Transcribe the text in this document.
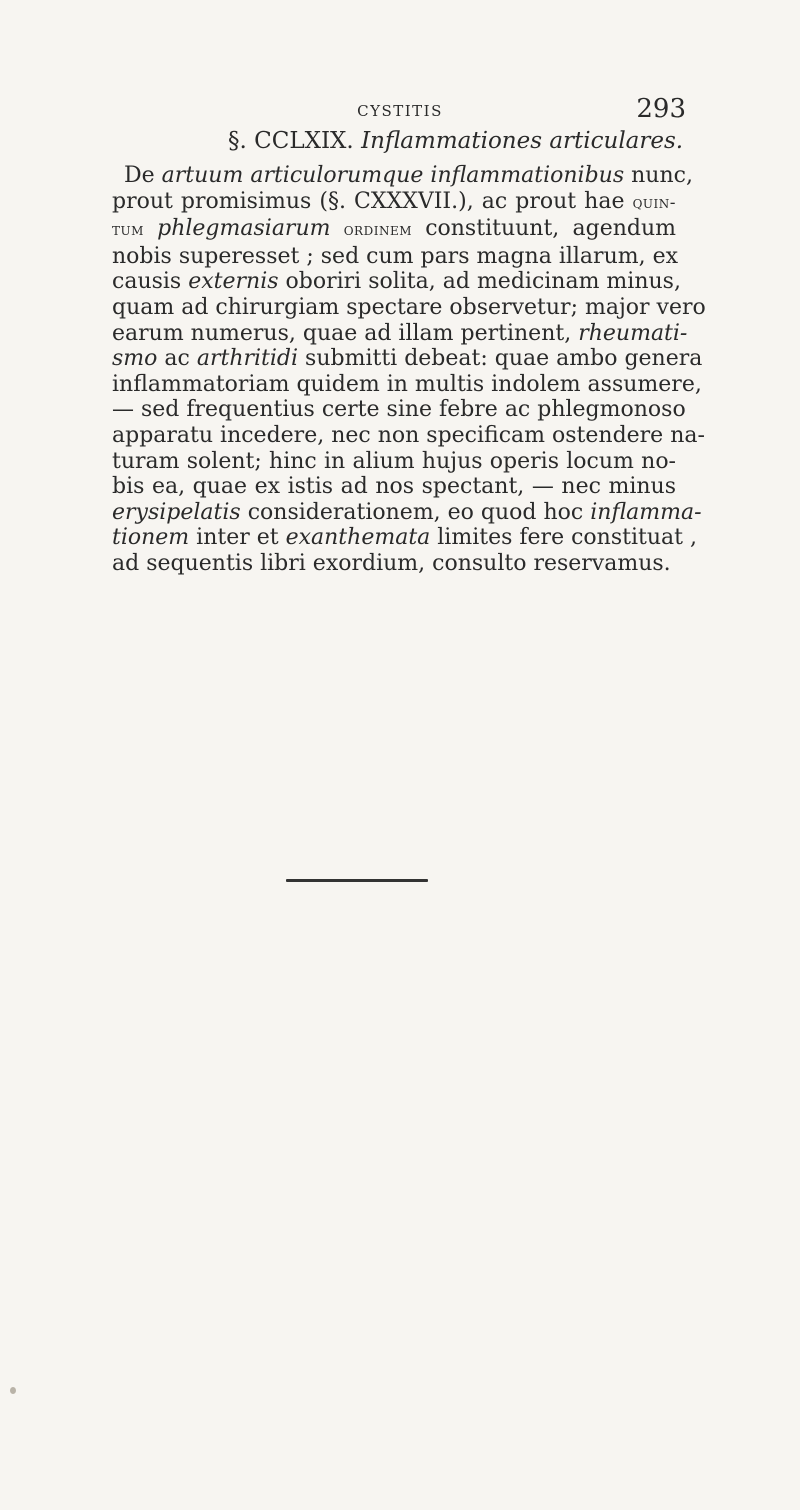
CYSTITIS	293
§. CCLXIX. Inflammationes articulares.
De artuum articulorumque inflammationibus nunc,
prout promisimus (§. CXXXVII.), ac prout hae quin-
tum phlegmasiarum ordinem constituunt, agendum
nobis superesset ; sed cum pars magna illarum, ex
causis externis oboriri solita, ad medicinam minus,
quam ad chirurgiam spectare observetur; major vero
earum numerus, quae ad illam pertinent, rheumati-
smo ac arthritidi submitti debeat: quae ambo genera
inflammatoriam quidem in multis indolem assumere,
— sed frequentius certe sine febre ac phlegmonoso
apparatu incedere, nec non specificam ostendere na-
turam solent; hinc in alium hujus operis locum no-
bis ea, quae ex istis ad nos spectant, — nec minus
erysipelatis considerationem, eo quod hoc inflamma-
tionem inter et exanthemata limites fere constituat ,
ad sequentis libri exordium, consulto reservamus.
